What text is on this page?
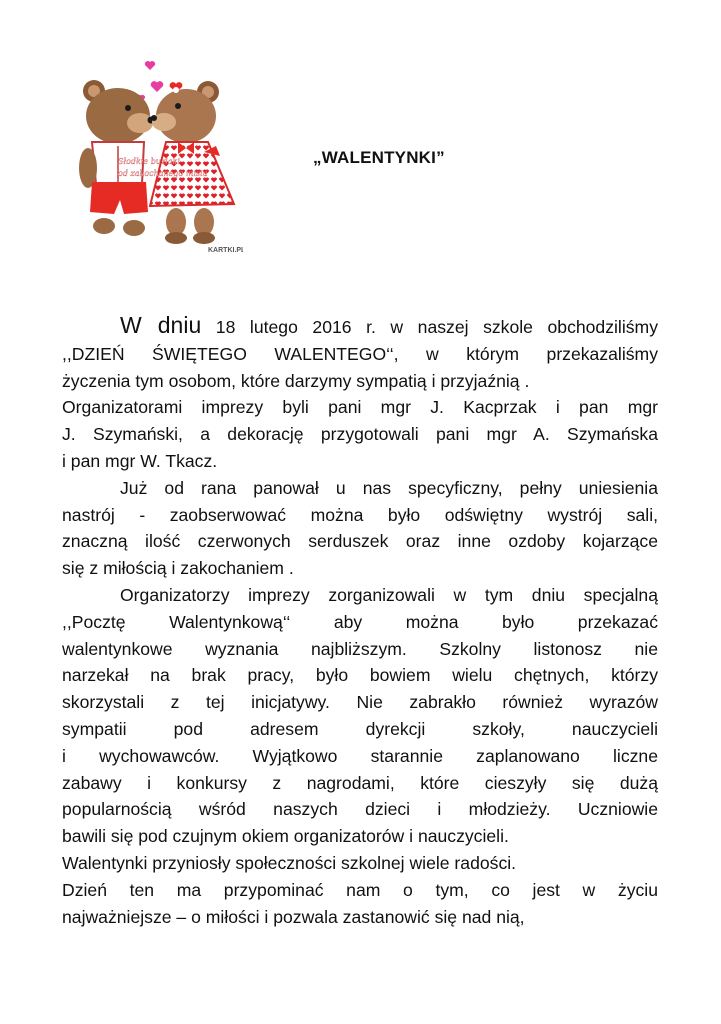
Słodkie buziaki
od zakochanego misia
KARTKI.PL
„WALENTYNKI”

W dniu 18 lutego 2016 r. w naszej szkole obchodziliśmy

,,DZIEŃ ŚWIĘTEGO WALENTEGO‘‘, w którym przekazaliśmy

życzenia tym osobom, które darzymy sympatią i przyjaźnią .

Organizatorami imprezy byli pani mgr J. Kacprzak i pan mgr

J. Szymański, a dekorację przygotowali pani mgr A. Szymańska

i pan mgr W. Tkacz.

Już od rana panował u nas specyficzny, pełny uniesienia

nastrój - zaobserwować można było odświętny wystrój sali,

znaczną ilość czerwonych serduszek oraz inne ozdoby kojarzące

się z miłością i zakochaniem .

Organizatorzy imprezy zorganizowali w tym dniu specjalną

,,Pocztę Walentynkową‘‘ aby można było przekazać

walentynkowe wyznania najbliższym. Szkolny listonosz nie

narzekał na brak pracy, było bowiem wielu chętnych, którzy

skorzystali z tej inicjatywy. Nie zabrakło również wyrazów

sympatii pod adresem dyrekcji szkoły, nauczycieli

i wychowawców. Wyjątkowo starannie zaplanowano liczne

zabawy i konkursy z nagrodami, które cieszyły się dużą

popularnością wśród naszych dzieci i młodzieży. Uczniowie

bawili się pod czujnym okiem organizatorów i nauczycieli.

Walentynki przyniosły społeczności szkolnej wiele radości.

Dzień ten ma przypominać nam o tym, co jest w życiu

najważniejsze – o miłości i pozwala zastanowić się nad nią,
